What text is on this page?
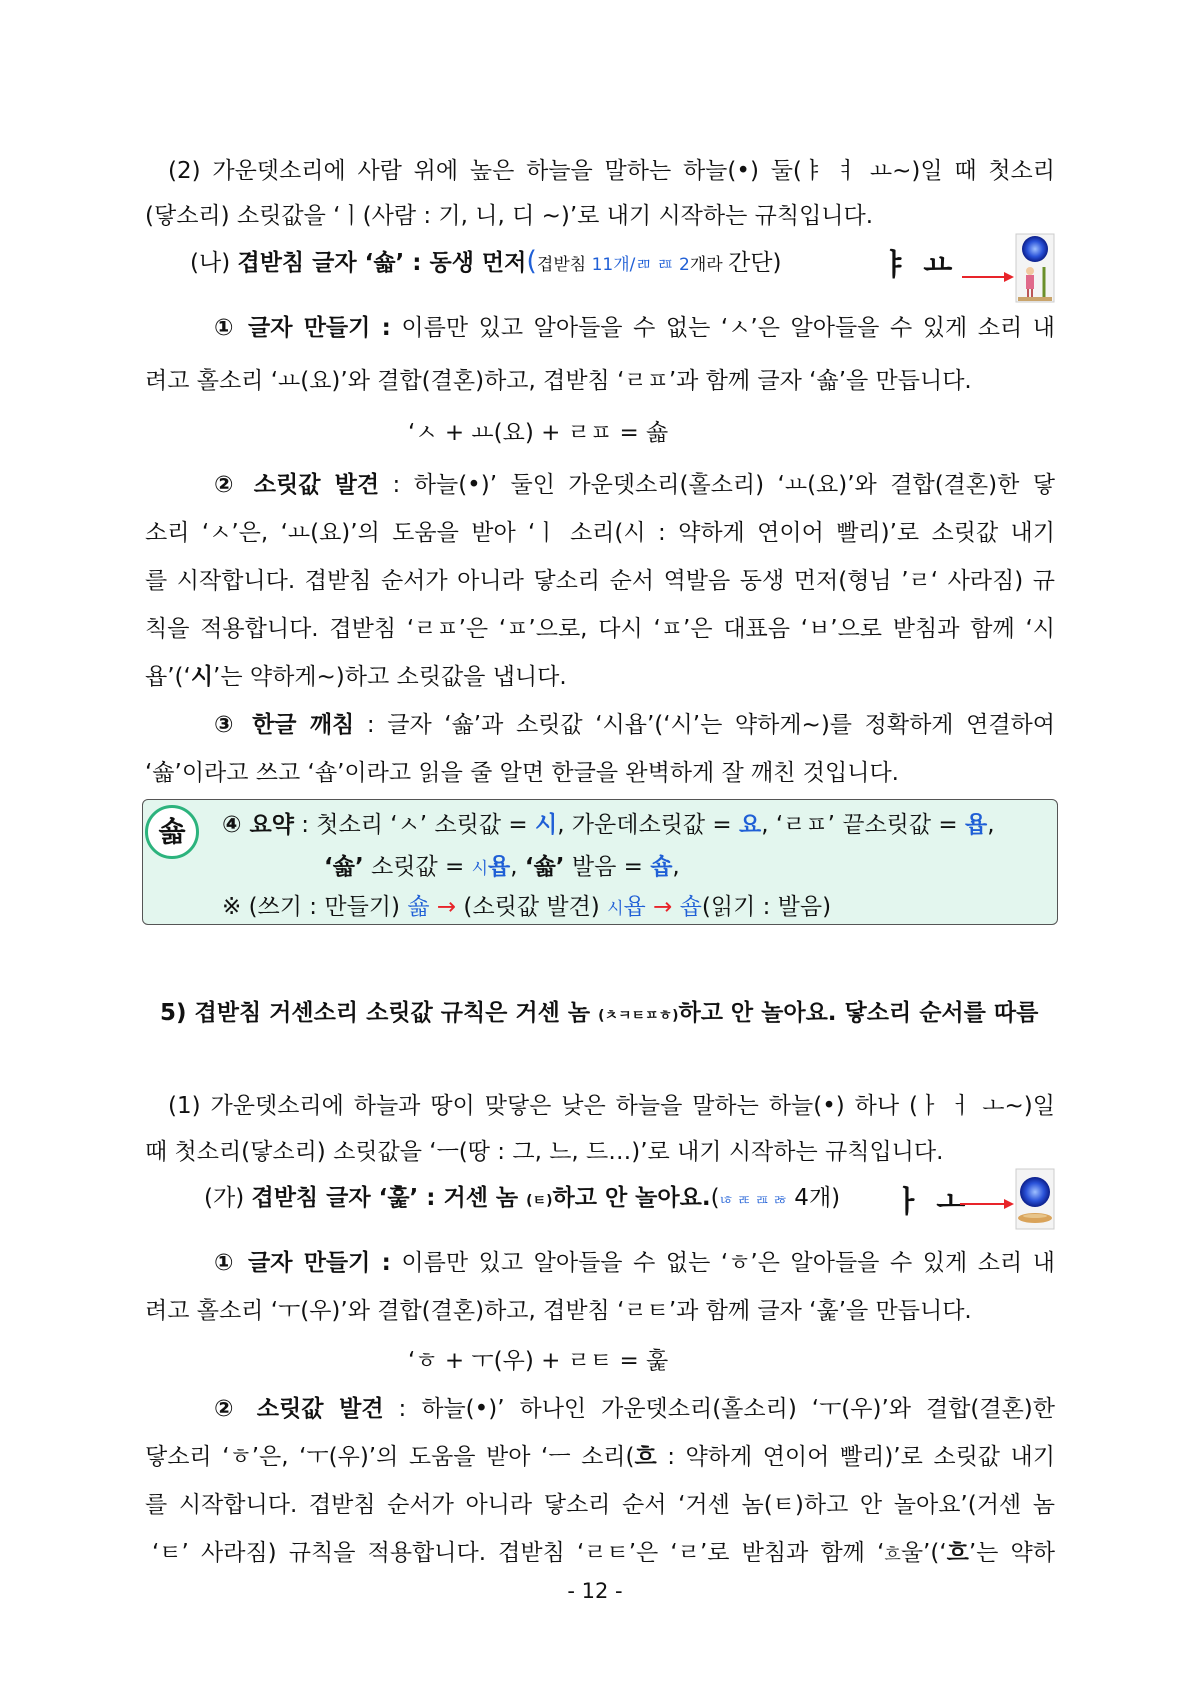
(2) 가운뎃소리에 사람 위에 높은 하늘을 말하는 하늘(•) 둘(ㅑ ㅕ ㅛ~)일 때 첫소리
(닿소리) 소릿값을 ‘ㅣ(사람 : 기, 니, 디 ~)’로 내기 시작하는 규칙입니다.
(나) 겹받침 글자 ‘숇’ : 동생 먼저(겹받침 11개/ㄻ ㄿ 2개라 간단)	ㅑ ㅛ
① 글자 만들기 : 이름만 있고 알아들을 수 없는 ‘ㅅ’은 알아들을 수 있게 소리 내
려고 홀소리 ‘ㅛ(요)’와 결합(결혼)하고, 겹받침 ‘ㄹㅍ’과 함께 글자 ‘숇’을 만듭니다.
‘ㅅ + ㅛ(요) + ㄹㅍ = 숇
② 소릿값 발견 : 하늘(•)’ 둘인 가운뎃소리(홀소리) ‘ㅛ(요)’와 결합(결혼)한 닿
소리 ‘ㅅ’은, ‘ㅛ(요)’의 도움을 받아 ‘ㅣ 소리(시 : 약하게 연이어 빨리)’로 소릿값 내기
를 시작합니다. 겹받침 순서가 아니라 닿소리 순서 역발음 동생 먼저(형님 ’ㄹ‘ 사라짐) 규
칙을 적용합니다. 겹받침 ‘ㄹㅍ’은 ‘ㅍ’으로, 다시 ‘ㅍ’은 대표음 ‘ㅂ’으로 받침과 함께 ‘시
욥’(‘시’는 약하게~)하고 소릿값을 냅니다.
③ 한글 깨침 : 글자 ‘숇’과 소릿값 ‘시욥’(‘시’는 약하게~)를 정확하게 연결하여
‘숇’이라고 쓰고 ‘숍’이라고 읽을 줄 알면 한글을 완벽하게 잘 깨친 것입니다.
숇	④ 요약 : 첫소리 ‘ㅅ’ 소릿값 = 시, 가운데소릿값 = 요, ‘ㄹㅍ’ 끝소릿값 = 욥,
‘숇’ 소릿값 = 시욥, ‘숇’ 발음 = 숍,
※ (쓰기 : 만들기) 숇 → (소릿값 발견) 시욥 → 숍(읽기 : 발음)
5) 겹받침 거센소리 소릿값 규칙은 거센 놈 (ㅊㅋㅌㅍㅎ)하고 안 놀아요. 닿소리 순서를 따름
(1) 가운뎃소리에 하늘과 땅이 맞닿은 낮은 하늘을 말하는 하늘(•) 하나 (ㅏ ㅓ ㅗ~)일
때 첫소리(닿소리) 소릿값을 ‘ㅡ(땅 : 그, 느, 드…)’로 내기 시작하는 규칙입니다.
(가) 겹받침 글자 ‘훑’ : 거센 놈 (ㅌ)하고 안 놀아요.(ㄶ ㄾ ㄿ ㅀ 4개)	ㅏ ㅗ
① 글자 만들기 : 이름만 있고 알아들을 수 없는 ‘ㅎ’은 알아들을 수 있게 소리 내
려고 홀소리 ‘ㅜ(우)’와 결합(결혼)하고, 겹받침 ‘ㄹㅌ’과 함께 글자 ‘훑’을 만듭니다.
‘ㅎ + ㅜ(우) + ㄹㅌ = 훑
② 소릿값 발견 : 하늘(•)’ 하나인 가운뎃소리(홀소리) ‘ㅜ(우)’와 결합(결혼)한
닿소리 ‘ㅎ’은, ‘ㅜ(우)’의 도움을 받아 ‘ㅡ 소리(흐 : 약하게 연이어 빨리)’로 소릿값 내기
를 시작합니다. 겹받침 순서가 아니라 닿소리 순서 ‘거센 놈(ㅌ)하고 안 놀아요’(거센 놈
‘ㅌ’ 사라짐) 규칙을 적용합니다. 겹받침 ‘ㄹㅌ’은 ‘ㄹ’로 받침과 함께 ‘흐울’(‘흐’는 약하
- 12 -
